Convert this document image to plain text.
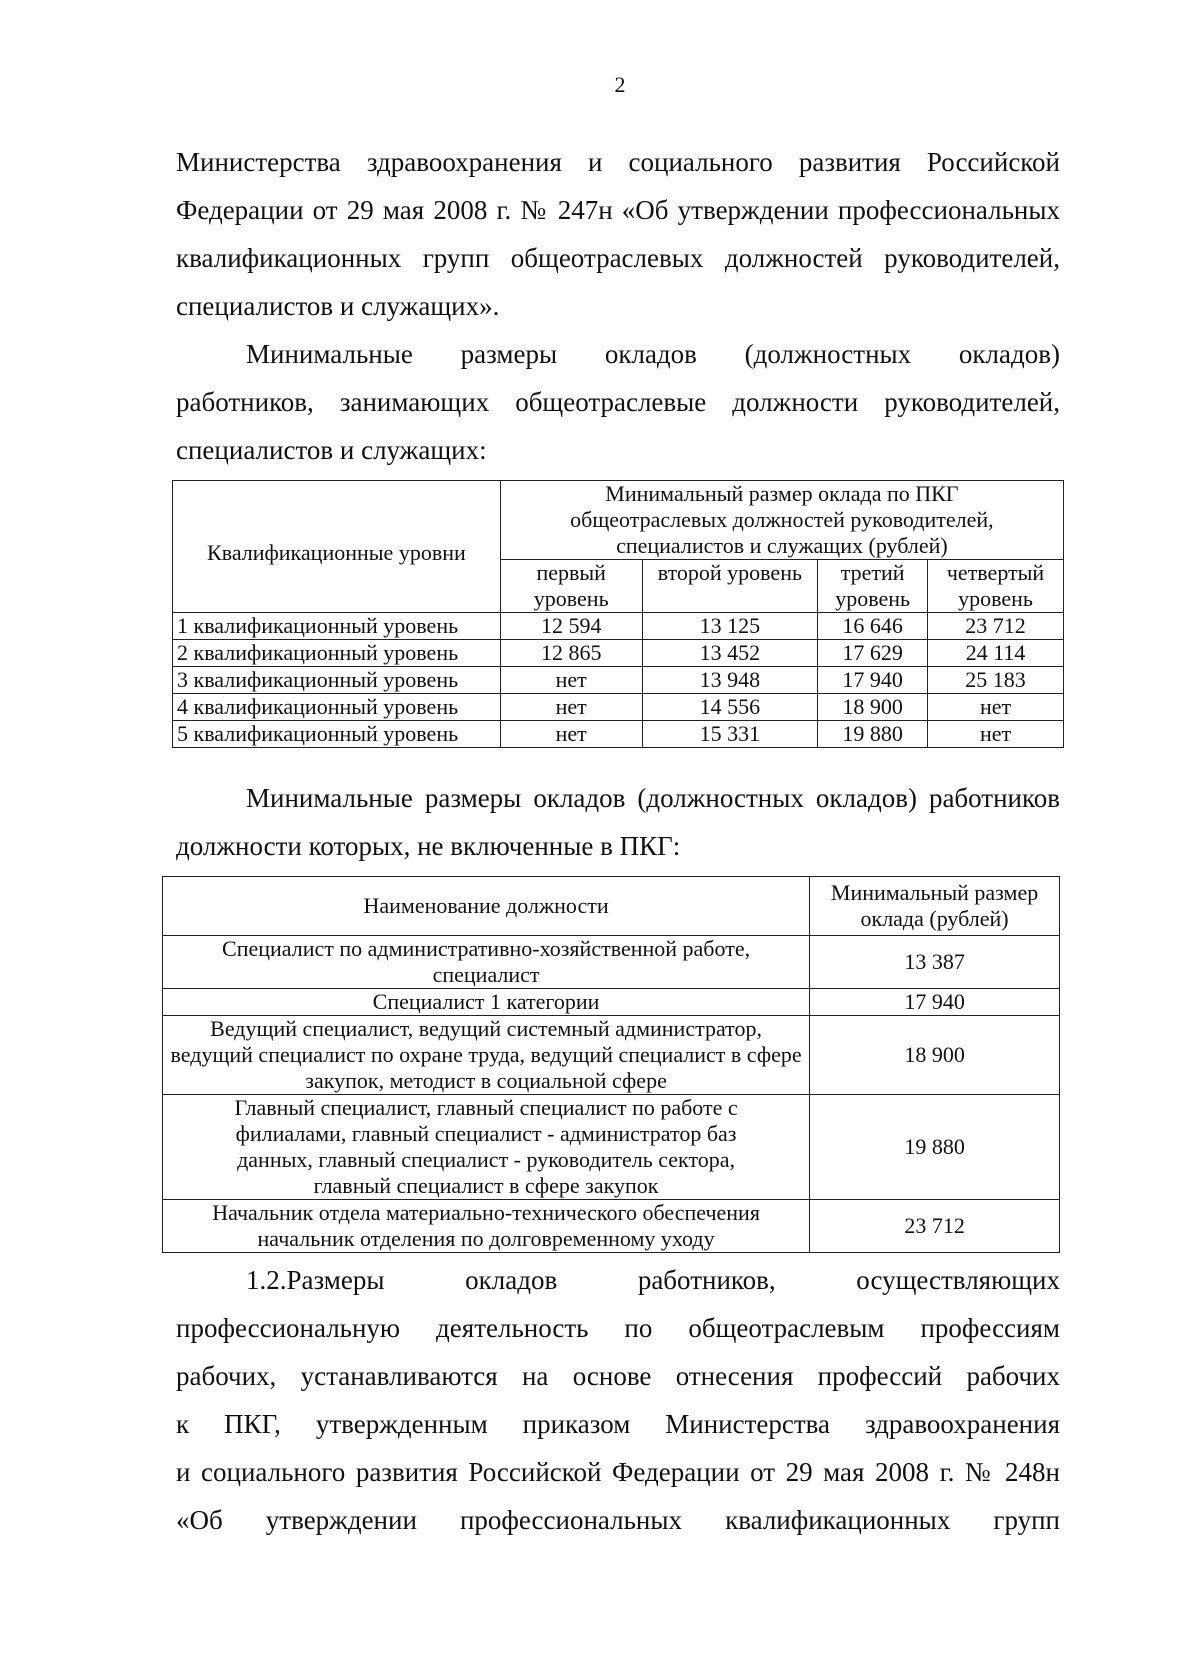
2

Министерства здравоохранения и социального развития Российской
Федерации от 29 мая 2008 г. № 247н «Об утверждении профессиональных
квалификационных групп общеотраслевых должностей руководителей,
специалистов и служащих».

Минимальные размеры окладов (должностных окладов)
работников, занимающих общеотраслевые должности руководителей,
специалистов и служащих:

Квалификационные уровни	Минимальный размер оклада по ПКГ общеотраслевых должностей руководителей, специалистов и служащих (рублей)			
	первый уровень	второй уровень	третий уровень	четвертый уровень
1 квалификационный уровень	12 594	13 125	16 646	23 712
2 квалификационный уровень	12 865	13 452	17 629	24 114
3 квалификационный уровень	нет	13 948	17 940	25 183
4 квалификационный уровень	нет	14 556	18 900	нет
5 квалификационный уровень	нет	15 331	19 880	нет

Минимальные размеры окладов (должностных окладов) работников
должности которых, не включенные в ПКГ:

Наименование должности	Минимальный размер оклада (рублей)
Специалист по административно-хозяйственной работе, специалист	13 387
Специалист 1 категории	17 940
Ведущий специалист, ведущий системный администратор, ведущий специалист по охране труда, ведущий специалист в сфере закупок, методист в социальной сфере	18 900
Главный специалист, главный специалист по работе с филиалами, главный специалист - администратор баз данных, главный специалист - руководитель сектора, главный специалист в сфере закупок	19 880
Начальник отдела материально-технического обеспечения начальник отделения по долговременному уходу	23 712

1.2.Размеры окладов работников, осуществляющих
профессиональную деятельность по общеотраслевым профессиям
рабочих, устанавливаются на основе отнесения профессий рабочих
к ПКГ, утвержденным приказом Министерства здравоохранения
и социального развития Российской Федерации от 29 мая 2008 г. № 248н
«Об утверждении профессиональных квалификационных групп
